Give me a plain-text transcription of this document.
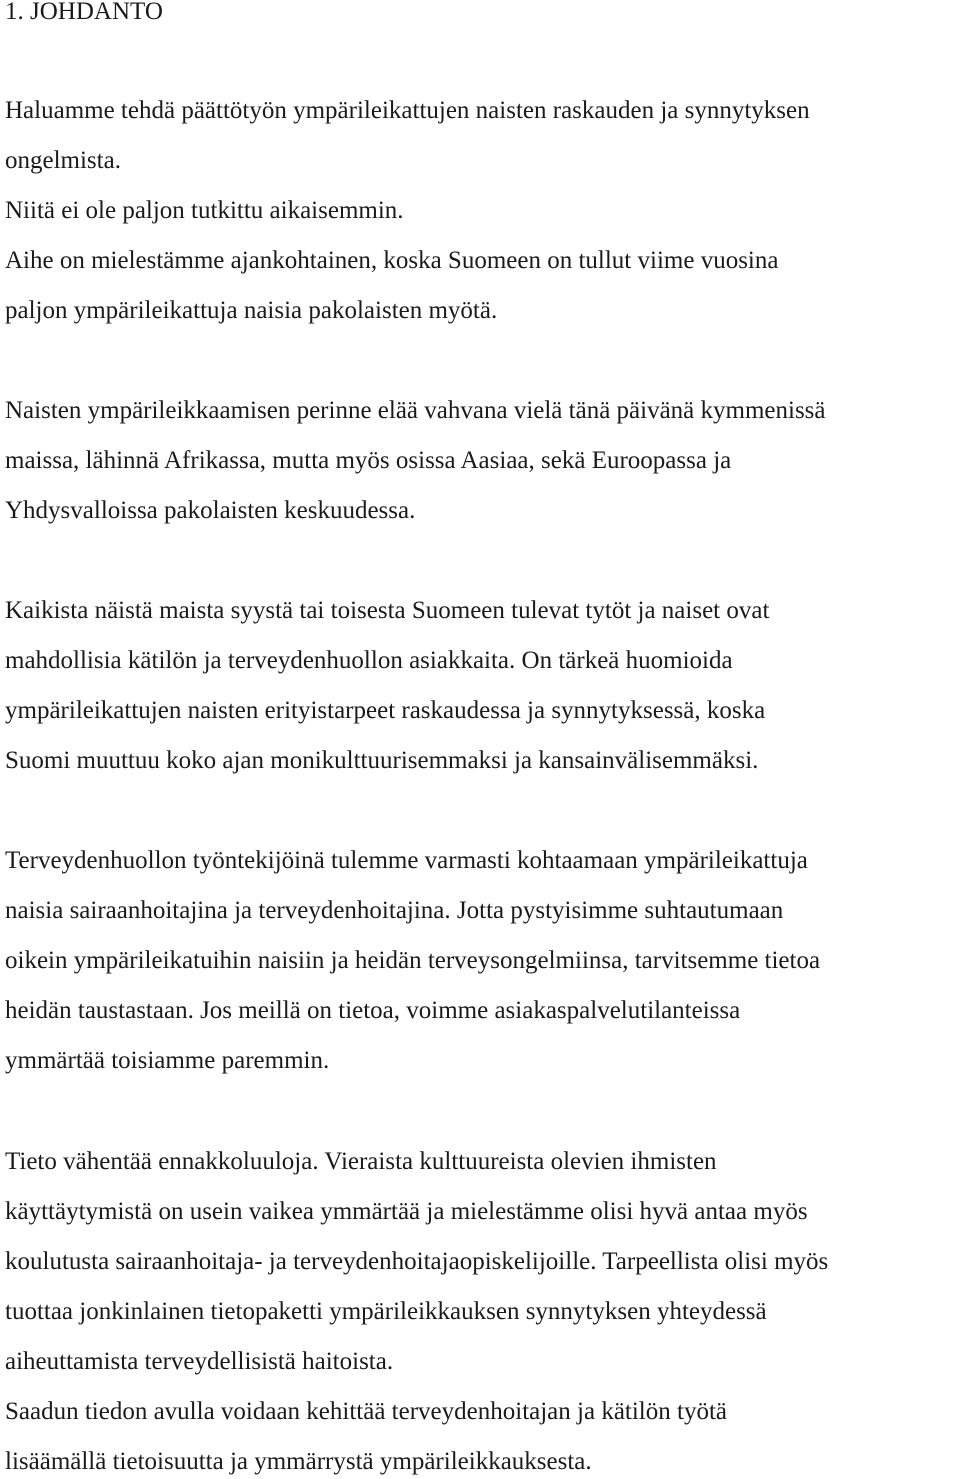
1. JOHDANTO
Haluamme tehdä päättötyön ympärileikattujen naisten raskauden ja synnytyksen
ongelmista.
Niitä ei ole paljon tutkittu aikaisemmin.
Aihe on mielestämme ajankohtainen, koska Suomeen on tullut viime vuosina
paljon ympärileikattuja naisia pakolaisten myötä.
Naisten ympärileikkaamisen perinne elää vahvana vielä tänä päivänä kymmenissä
maissa, lähinnä Afrikassa, mutta myös osissa Aasiaa, sekä Euroopassa ja
Yhdysvalloissa pakolaisten keskuudessa.
Kaikista näistä maista syystä tai toisesta Suomeen tulevat tytöt ja naiset ovat
mahdollisia kätilön ja terveydenhuollon asiakkaita. On tärkeä huomioida
ympärileikattujen naisten erityistarpeet raskaudessa ja synnytyksessä, koska
Suomi muuttuu koko ajan monikulttuurisemmaksi ja kansainvälisemmäksi.
Terveydenhuollon työntekijöinä tulemme varmasti kohtaamaan ympärileikattuja
naisia sairaanhoitajina ja terveydenhoitajina. Jotta pystyisimme suhtautumaan
oikein ympärileikatuihin naisiin ja heidän terveysongelmiinsa, tarvitsemme tietoa
heidän taustastaan. Jos meillä on tietoa, voimme asiakaspalvelutilanteissa
ymmärtää toisiamme paremmin.
Tieto vähentää ennakkoluuloja. Vieraista kulttuureista olevien ihmisten
käyttäytymistä on usein vaikea ymmärtää ja mielestämme olisi hyvä antaa myös
koulutusta sairaanhoitaja- ja terveydenhoitajaopiskelijoille. Tarpeellista olisi myös
tuottaa jonkinlainen tietopaketti ympärileikkauksen synnytyksen yhteydessä
aiheuttamista terveydellisistä haitoista.
Saadun tiedon avulla voidaan kehittää terveydenhoitajan ja kätilön työtä
lisäämällä tietoisuutta ja ymmärrystä ympärileikkauksesta.
